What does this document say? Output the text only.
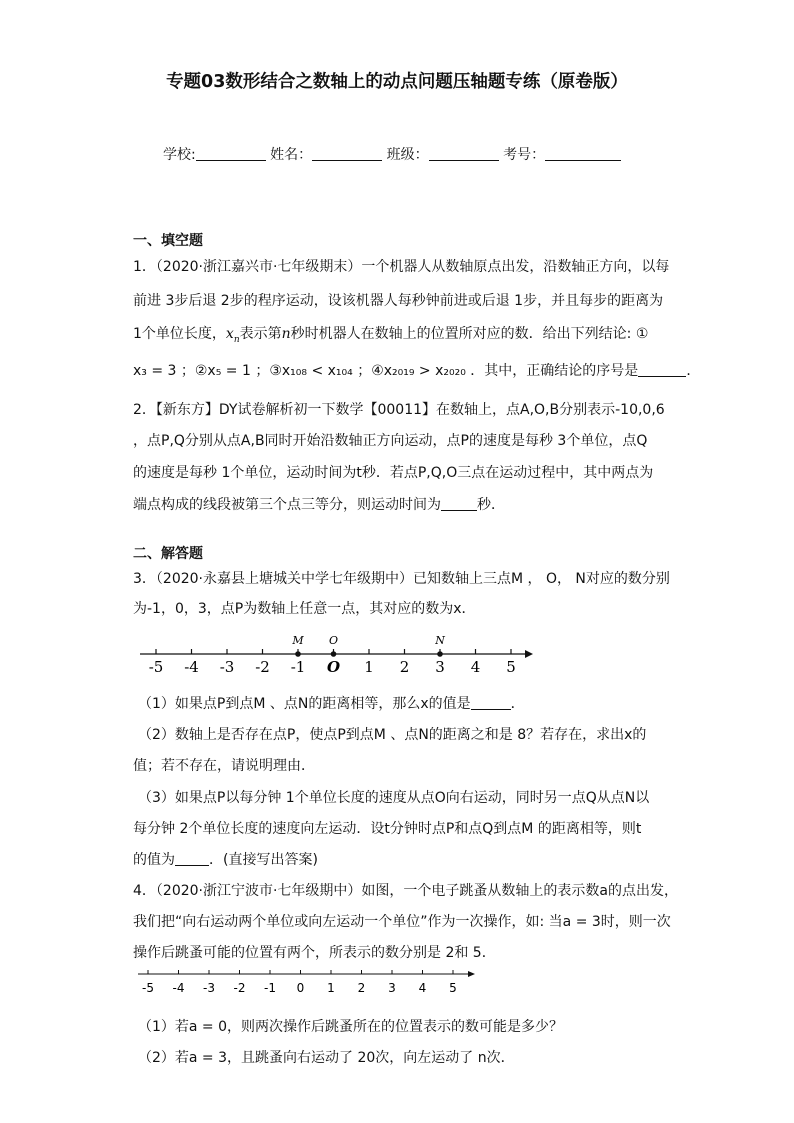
专题03数形结合之数轴上的动点问题压轴题专练（原卷版）
学校:	姓名：	班级：	考号：
一、填空题
1．（2020·浙江嘉兴市·七年级期末）一个机器人从数轴原点出发，沿数轴正方向，以每
前进 3步后退 2步的程序运动，设该机器人每秒钟前进或后退 1步，并且每步的距离为
1个单位长度，$x_n$表示第n秒时机器人在数轴上的位置所对应的数．给出下列结论: ①
x₃ = 3 ；②x₅ = 1 ；③x₁₀₈ < x₁₀₄ ；④x₂₀₁₉ > x₂₀₂₀ ．其中，正确结论的序号是	．
2．【新东方】DY试卷解析初一下数学【00011】在数轴上，点A,O,B分别表示-10,0,6
，点P,Q分别从点A,B同时开始沿数轴正方向运动，点P的速度是每秒 3个单位，点Q
的速度是每秒 1个单位，运动时间为t秒．若点P,Q,O三点在运动过程中，其中两点为
端点构成的线段被第三个点三等分，则运动时间为	秒．
二、解答题
3．（2020·永嘉县上塘城关中学七年级期中）已知数轴上三点M ， O， N对应的数分别
为-1，0，3，点P为数轴上任意一点，其对应的数为x．
-5 -4 -3 -2 -1 O 1 2 3 4 5
M O	N
（1）如果点P到点M 、点N的距离相等，那么x的值是	．
（2）数轴上是否存在点P，使点P到点M 、点N的距离之和是 8？若存在，求出x的
值；若不存在，请说明理由．
（3）如果点P以每分钟 1个单位长度的速度从点O向右运动，同时另一点Q从点N以
每分钟 2个单位长度的速度向左运动．设t分钟时点P和点Q到点M 的距离相等，则t
的值为 ．(直接写出答案)
4．（2020·浙江宁波市·七年级期中）如图，一个电子跳蚤从数轴上的表示数a的点出发，
我们把“向右运动两个单位或向左运动一个单位”作为一次操作，如: 当a = 3时，则一次
操作后跳蚤可能的位置有两个，所表示的数分别是 2和 5．
-5 -4 -3 -2 -1 0 1 2 3 4 5
（1）若a = 0，则两次操作后跳蚤所在的位置表示的数可能是多少？
（2）若a = 3，且跳蚤向右运动了 20次，向左运动了 n次．
